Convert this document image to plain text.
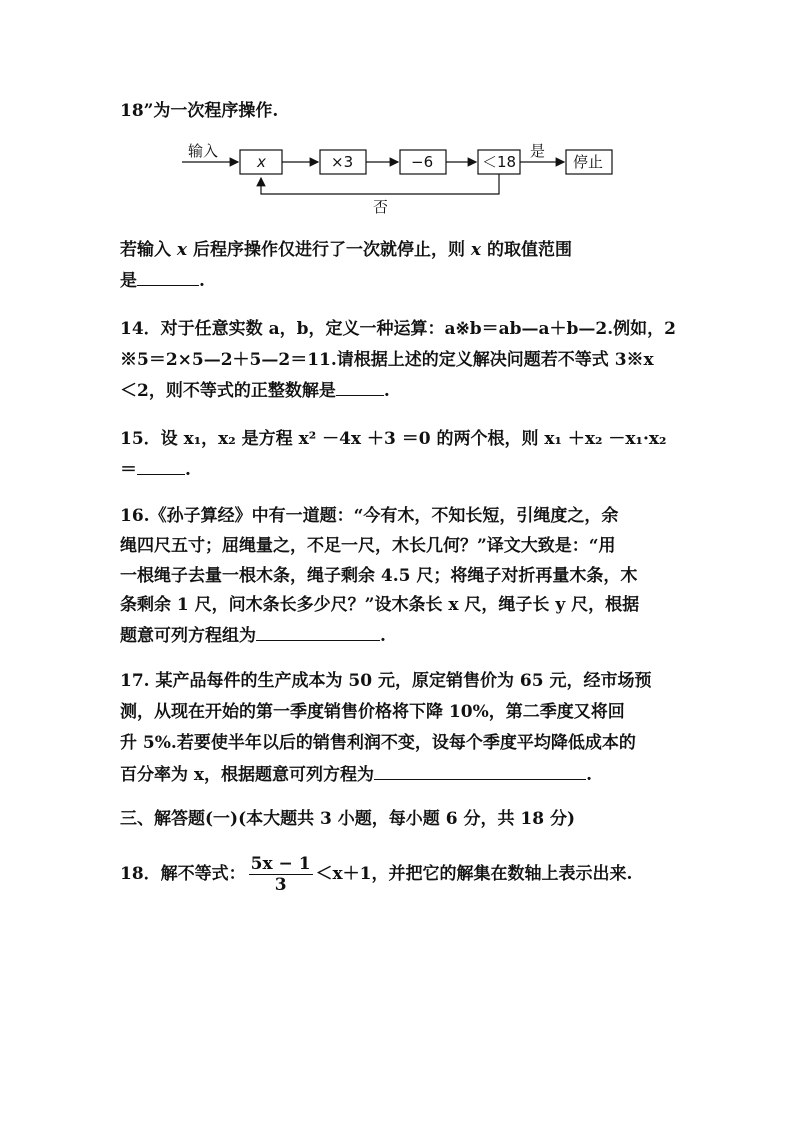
18”为一次程序操作.
输入
x	×3	−6	＜18
是
停止
否
若输入 x 后程序操作仅进行了一次就停止，则 x 的取值范围
是	.
14．对于任意实数 a，b，定义一种运算：a※b＝ab—a＋b—2.例如，2
※5＝2×5—2＋5—2＝11.请根据上述的定义解决问题若不等式 3※x
＜2，则不等式的正整数解是	.
15．设 x₁，x₂ 是方程 x² －4x ＋3 ＝0 的两个根，则 x₁ ＋x₂ －x₁·x₂
＝	.
16.《孙子算经》中有一道题：“今有木，不知长短，引绳度之，余
绳四尺五寸；屈绳量之，不足一尺，木长几何？”译文大致是：“用
一根绳子去量一根木条，绳子剩余 4.5 尺；将绳子对折再量木条，木
条剩余 1 尺，问木条长多少尺？”设木条长 x 尺，绳子长 y 尺，根据
题意可列方程组为	.
17. 某产品每件的生产成本为 50 元，原定销售价为 65 元，经市场预
测，从现在开始的第一季度销售价格将下降 10%，第二季度又将回
升 5%.若要使半年以后的销售利润不变，设每个季度平均降低成本的
百分率为 x，根据题意可列方程为	.
三、解答题(一)(本大题共 3 小题，每小题 6 分，共 18 分)
18．解不等式： $\frac{5x - 1}{3} <x+1$，并把它的解集在数轴上表示出来.
